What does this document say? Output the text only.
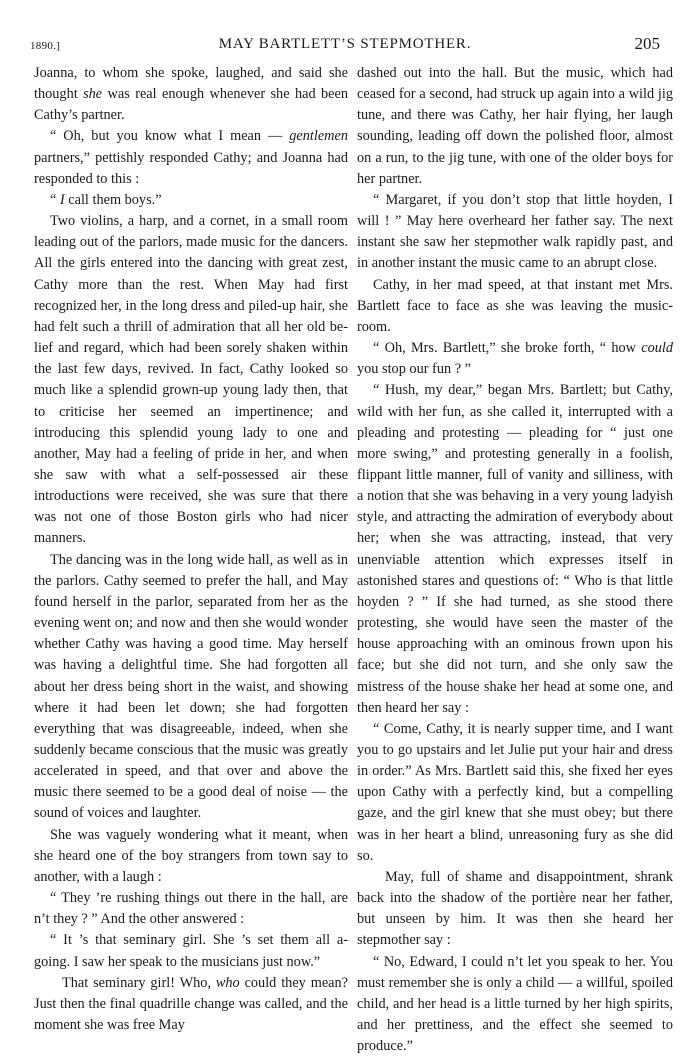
1890.]	MAY BARTLETT’S STEPMOTHER.	205

Joanna, to whom she spoke, laughed, and said she thought she was real enough whenever she had been Cathy’s partner.

“ Oh, but you know what I mean — gentlemen partners,” pettishly responded Cathy; and Joanna had responded to this :

“ I call them boys.”

Two violins, a harp, and a cornet, in a small room leading out of the parlors, made music for the dancers. All the girls entered into the dancing with great zest, Cathy more than the rest. When May had first recognized her, in the long dress and piled-up hair, she had felt such a thrill of admiration that all her old belief and regard, which had been sorely shaken within the last few days, revived. In fact, Cathy looked so much like a splendid grown-up young lady then, that to criticise her seemed an impertinence; and introducing this splendid young lady to one and another, May had a feeling of pride in her, and when she saw with what a self-possessed air these introductions were received, she was sure that there was not one of those Boston girls who had nicer manners.

The dancing was in the long wide hall, as well as in the parlors. Cathy seemed to prefer the hall, and May found herself in the parlor, separated from her as the evening went on; and now and then she would wonder whether Cathy was having a good time. May herself was having a delightful time. She had forgotten all about her dress being short in the waist, and showing where it had been let down; she had forgotten everything that was disagreeable, indeed, when she suddenly became conscious that the music was greatly accelerated in speed, and that over and above the music there seemed to be a good deal of noise — the sound of voices and laughter.

She was vaguely wondering what it meant, when she heard one of the boy strangers from town say to another, with a laugh :

“ They ’re rushing things out there in the hall, are n’t they ? ” And the other answered :

“ It ’s that seminary girl. She ’s set them all a-going. I saw her speak to the musicians just now.”

That seminary girl! Who, who could they mean? Just then the final quadrille change was called, and the moment she was free May

dashed out into the hall. But the music, which had ceased for a second, had struck up again into a wild jig tune, and there was Cathy, her hair flying, her laugh sounding, leading off down the polished floor, almost on a run, to the jig tune, with one of the older boys for her partner.

“ Margaret, if you don’t stop that little hoyden, I will ! ” May here overheard her father say. The next instant she saw her stepmother walk rapidly past, and in another instant the music came to an abrupt close.

Cathy, in her mad speed, at that instant met Mrs. Bartlett face to face as she was leaving the music-room.

“ Oh, Mrs. Bartlett,” she broke forth, “ how could you stop our fun ? ”

“ Hush, my dear,” began Mrs. Bartlett; but Cathy, wild with her fun, as she called it, interrupted with a pleading and protesting — pleading for “ just one more swing,” and protesting generally in a foolish, flippant little manner, full of vanity and silliness, with a notion that she was behaving in a very young ladyish style, and attracting the admiration of everybody about her; when she was attracting, instead, that very unenviable attention which expresses itself in astonished stares and questions of: “ Who is that little hoyden ? ” If she had turned, as she stood there protesting, she would have seen the master of the house approaching with an ominous frown upon his face; but she did not turn, and she only saw the mistress of the house shake her head at some one, and then heard her say :

“ Come, Cathy, it is nearly supper time, and I want you to go upstairs and let Julie put your hair and dress in order.” As Mrs. Bartlett said this, she fixed her eyes upon Cathy with a perfectly kind, but a compelling gaze, and the girl knew that she must obey; but there was in her heart a blind, unreasoning fury as she did so.

May, full of shame and disappointment, shrank back into the shadow of the portière near her father, but unseen by him. It was then she heard her stepmother say :

“ No, Edward, I could n’t let you speak to her. You must remember she is only a child — a willful, spoiled child, and her head is a little turned by her high spirits, and her prettiness, and the effect she seemed to produce.”
